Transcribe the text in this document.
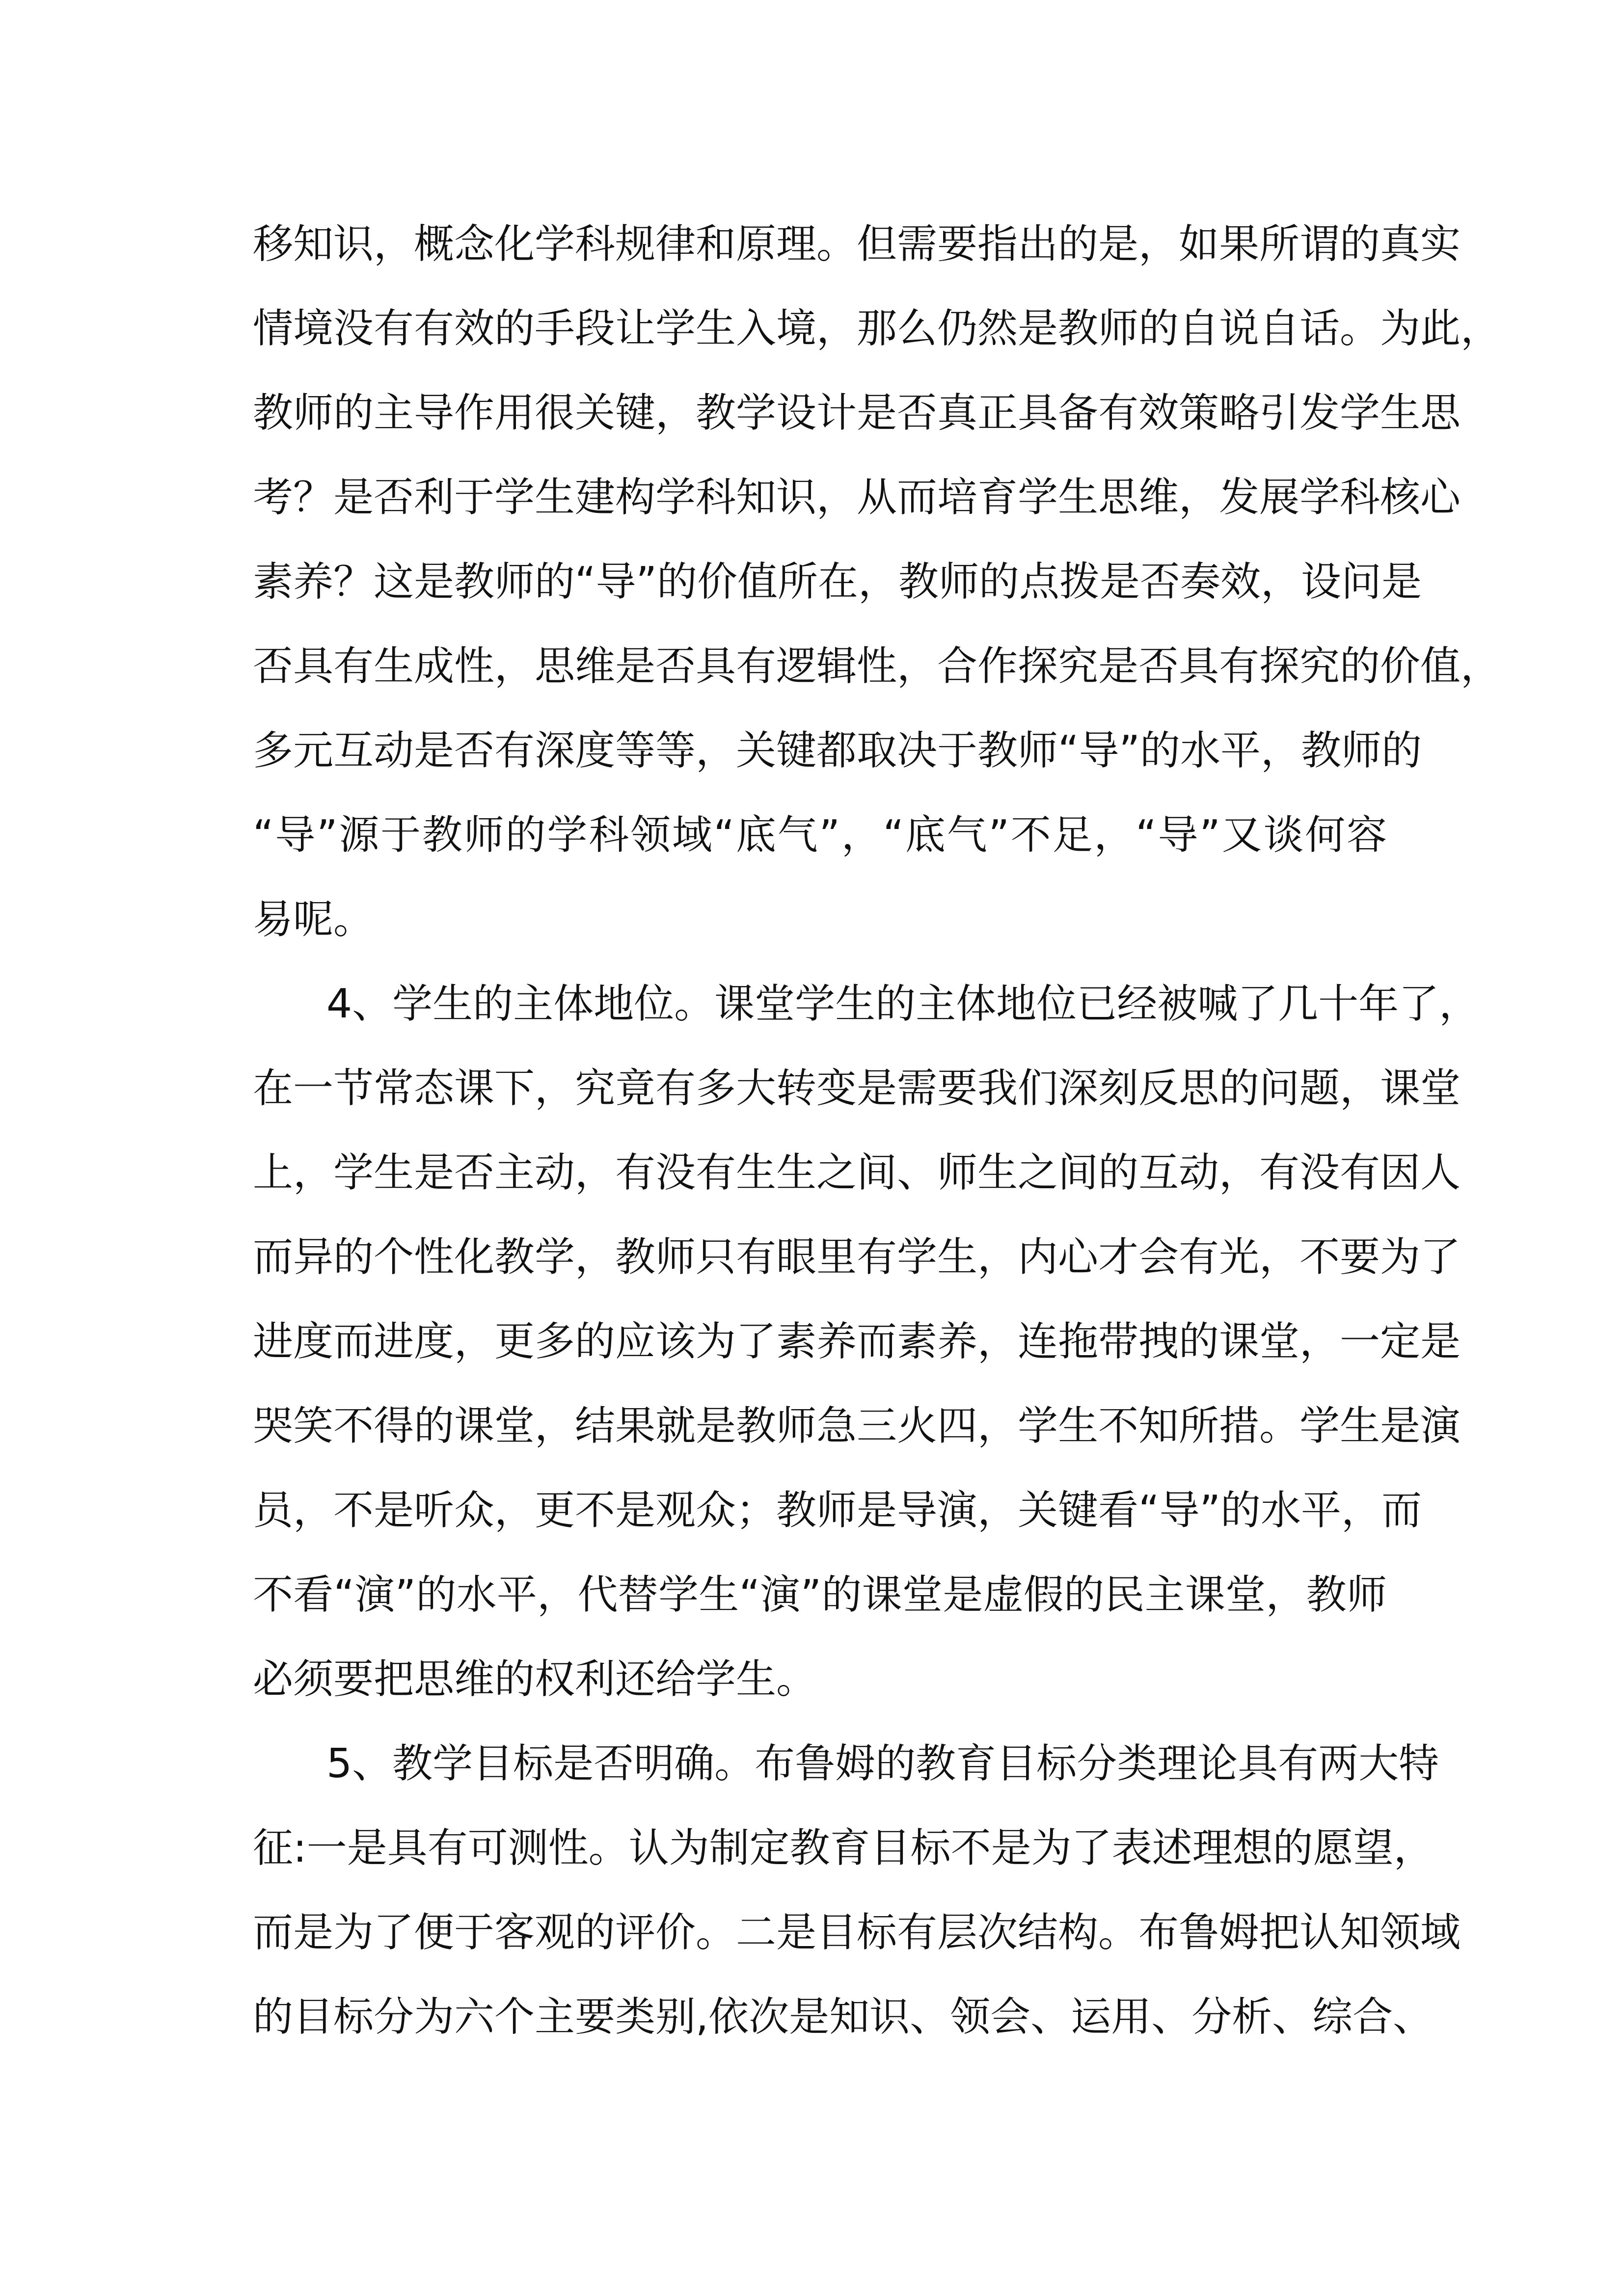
移知识，概念化学科规律和原理。但需要指出的是，如果所谓的真实
情境没有有效的手段让学生入境，那么仍然是教师的自说自话。为此，
教师的主导作用很关键，教学设计是否真正具备有效策略引发学生思
考？是否利于学生建构学科知识，从而培育学生思维，发展学科核心
素养？这是教师的“导”的价值所在，教师的点拨是否奏效，设问是
否具有生成性，思维是否具有逻辑性，合作探究是否具有探究的价值，
多元互动是否有深度等等，关键都取决于教师“导”的水平，教师的
“导”源于教师的学科领域“底气”，“底气”不足，“导”又谈何容
易呢。
4、学生的主体地位。课堂学生的主体地位已经被喊了几十年了，
在一节常态课下，究竟有多大转变是需要我们深刻反思的问题，课堂
上，学生是否主动，有没有生生之间、师生之间的互动，有没有因人
而异的个性化教学，教师只有眼里有学生，内心才会有光，不要为了
进度而进度，更多的应该为了素养而素养，连拖带拽的课堂，一定是
哭笑不得的课堂，结果就是教师急三火四，学生不知所措。学生是演
员，不是听众，更不是观众；教师是导演，关键看“导”的水平，而
不看“演”的水平，代替学生“演”的课堂是虚假的民主课堂，教师
必须要把思维的权利还给学生。
5、教学目标是否明确。布鲁姆的教育目标分类理论具有两大特
征:一是具有可测性。认为制定教育目标不是为了表述理想的愿望，
而是为了便于客观的评价。二是目标有层次结构。布鲁姆把认知领域
的目标分为六个主要类别,依次是知识、领会、运用、分析、综合、
